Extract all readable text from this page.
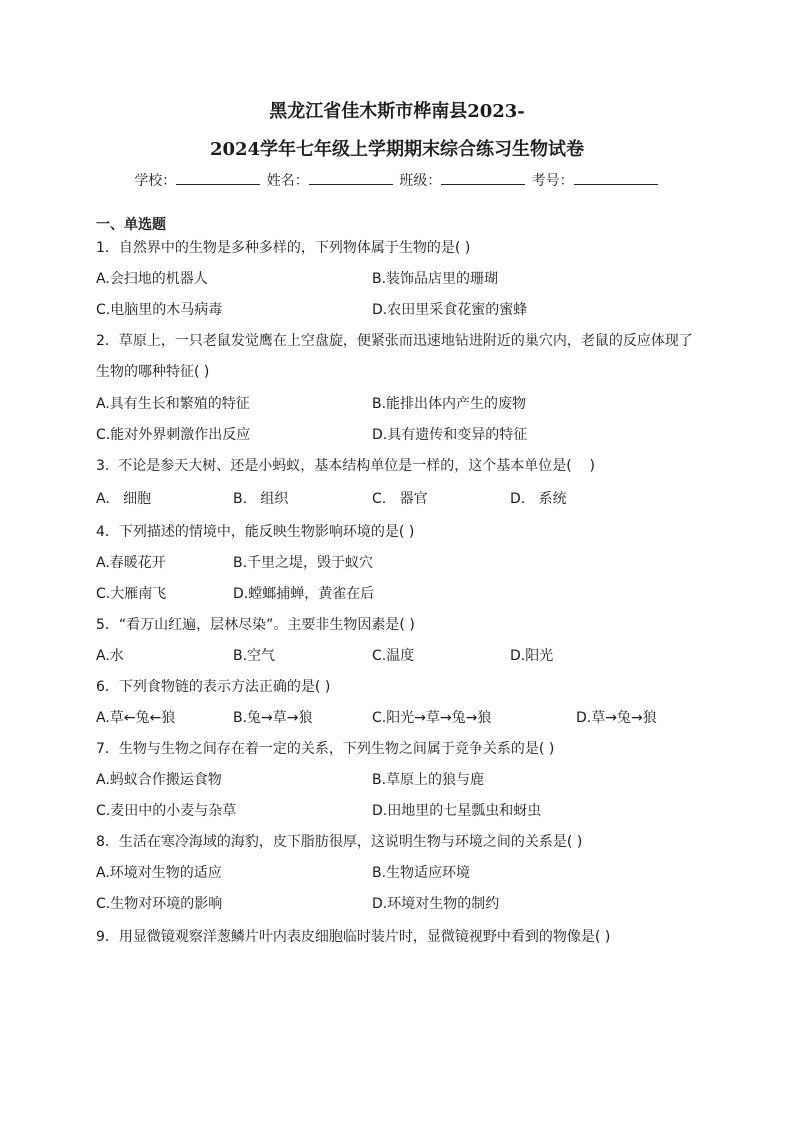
黑龙江省佳木斯市桦南县2023-
2024学年七年级上学期期末综合练习生物试卷
学校：	姓名：	班级：	考号：
一、单选题
1．自然界中的生物是多种多样的，下列物体属于生物的是( )
A.会扫地的机器人	B.装饰品店里的珊瑚
C.电脑里的木马病毒	D.农田里采食花蜜的蜜蜂
2．草原上，一只老鼠发觉鹰在上空盘旋，便紧张而迅速地钻进附近的巢穴内，老鼠的反应体现了生物的哪种特征( )
A.具有生长和繁殖的特征	B.能排出体内产生的废物
C.能对外界刺激作出反应	D.具有遗传和变异的特征
3.  不论是参天大树、还是小蚂蚁，基本结构单位是一样的，这个基本单位是(    )
A.   细胞	B.   组织	C.   器官	D.   系统
4．下列描述的情境中，能反映生物影响环境的是( )
A.春暖花开	B.千里之堤，毁于蚁穴
C.大雁南飞	D.螳螂捕蝉，黄雀在后
5．“看万山红遍，层林尽染”。主要非生物因素是( )
A.水	B.空气	C.温度	D.阳光
6．下列食物链的表示方法正确的是( )
A.草←兔←狼	B.兔→草→狼	C.阳光→草→兔→狼	D.草→兔→狼
7．生物与生物之间存在着一定的关系，下列生物之间属于竞争关系的是( )
A.蚂蚁合作搬运食物	B.草原上的狼与鹿
C.麦田中的小麦与杂草	D.田地里的七星瓢虫和蚜虫
8．生活在寒冷海域的海豹，皮下脂肪很厚，这说明生物与环境之间的关系是( )
A.环境对生物的适应	B.生物适应环境
C.生物对环境的影响	D.环境对生物的制约
9．用显微镜观察洋葱鳞片叶内表皮细胞临时装片时，显微镜视野中看到的物像是( )
